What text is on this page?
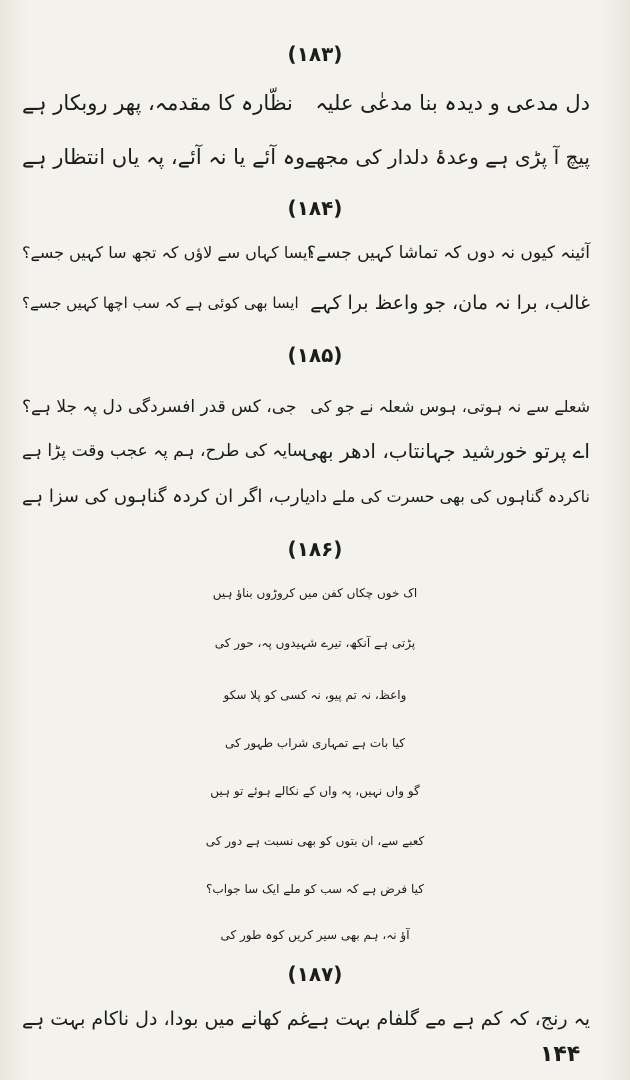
(۱۸۳)
دل مدعی و دیدہ بنا مدعٰی علیہ
نظّارہ کا مقدمہ، پھر روبکار ہے
پیچ آ پڑی ہے وعدۂ دلدار کی مجھے
وہ آئے یا نہ آئے، پہ یاں انتظار ہے
(۱۸۴)
آئینہ کیوں نہ دوں کہ تماشا کہیں جسے؟
ایسا کہاں سے لاؤں کہ تجھ سا کہیں جسے؟
غالب، برا نہ مان، جو واعظ برا کہے
ایسا بھی کوئی ہے کہ سب اچھا کہیں جسے؟
(۱۸۵)
شعلے سے نہ ہوتی، ہوس شعلہ نے جو کی
جی، کس قدر افسردگی دل پہ جلا ہے؟
اے پرتو خورشید جہانتاب، ادھر بھی
سایہ کی طرح، ہم پہ عجب وقت پڑا ہے
ناکردہ گناہوں کی بھی حسرت کی ملے داد
یارب، اگر ان کردہ گناہوں کی سزا ہے
(۱۸۶)
اک خوں چکاں کفن میں کروڑوں بناؤ ہیں
پڑتی ہے آنکھ، تیرے شہیدوں پہ، حور کی
واعظ، نہ تم پیو، نہ کسی کو پلا سکو
کیا بات ہے تمہاری شراب طہور کی
گو واں نہیں، پہ واں کے نکالے ہوئے تو ہیں
کعبے سے، ان بتوں کو بھی نسبت ہے دور کی
کیا فرض ہے کہ سب کو ملے ایک سا جواب؟
آؤ نہ، ہم بھی سیر کریں کوہ طور کی
(۱۸۷)
یہ رنج، کہ کم ہے مے گلفام بہت ہے
غم کھانے میں بودا، دل ناکام بہت ہے
۱۴۴
